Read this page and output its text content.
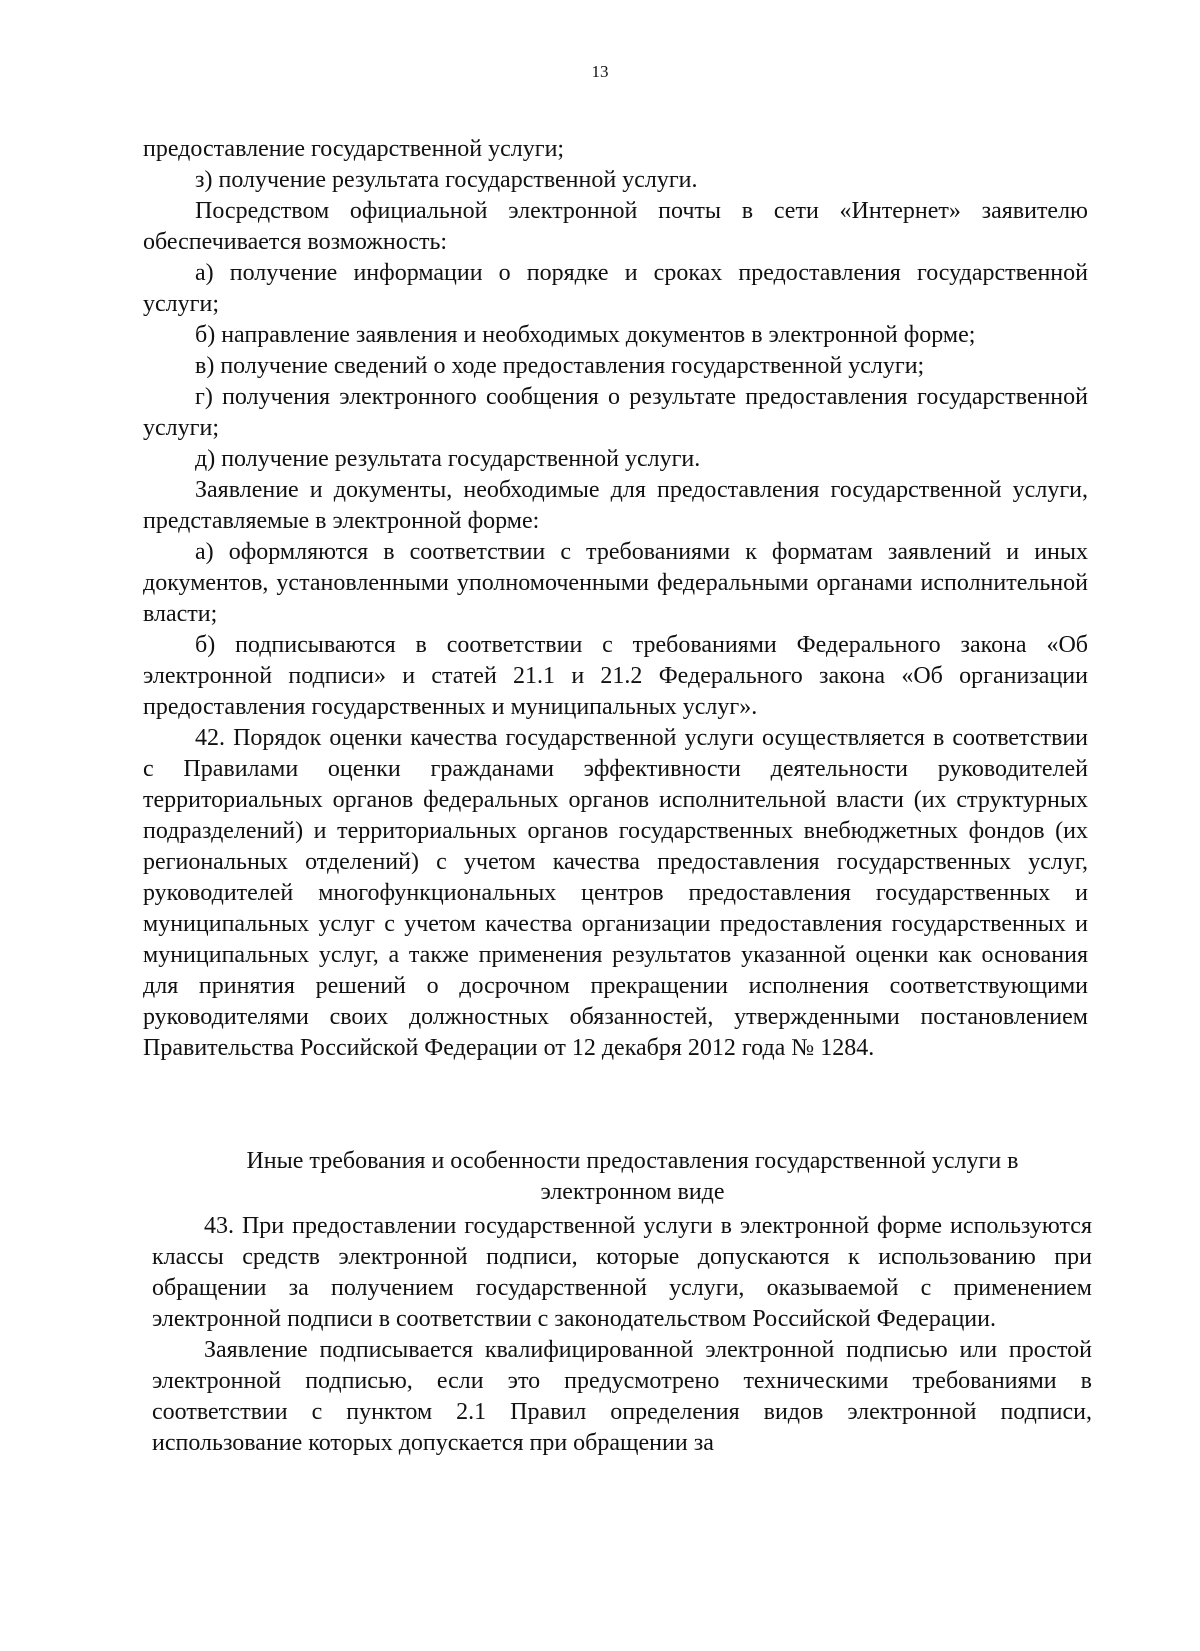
13

предоставление государственной услуги;

з) получение результата государственной услуги.

Посредством официальной электронной почты в сети «Интернет» заявителю обеспечивается возможность:

а) получение информации о порядке и сроках предоставления государственной услуги;

б) направление заявления и необходимых документов в электронной форме;

в) получение сведений о ходе предоставления государственной услуги;

г) получения электронного сообщения о результате предоставления государственной услуги;

д) получение результата государственной услуги.

Заявление и документы, необходимые для предоставления государственной услуги, представляемые в электронной форме:

а) оформляются в соответствии с требованиями к форматам заявлений и иных документов, установленными уполномоченными федеральными органами исполнительной власти;

б) подписываются в соответствии с требованиями Федерального закона «Об электронной подписи» и статей 21.1 и 21.2 Федерального закона «Об организации предоставления государственных и муниципальных услуг».

42. Порядок оценки качества государственной услуги осуществляется в соответствии с Правилами оценки гражданами эффективности деятельности руководителей территориальных органов федеральных органов исполнительной власти (их структурных подразделений) и территориальных органов государственных внебюджетных фондов (их региональных отделений) с учетом качества предоставления государственных услуг, руководителей многофункциональных центров предоставления государственных и муниципальных услуг с учетом качества организации предоставления государственных и муниципальных услуг, а также применения результатов указанной оценки как основания для принятия решений о досрочном прекращении исполнения соответствующими руководителями своих должностных обязанностей, утвержденными постановлением Правительства Российской Федерации от 12 декабря 2012 года № 1284.

Иные требования и особенности предоставления государственной услуги в
электронном виде

43. При предоставлении государственной услуги в электронной форме используются классы средств электронной подписи, которые допускаются к использованию при обращении за получением государственной услуги, оказываемой с применением электронной подписи в соответствии с законодательством Российской Федерации.

Заявление подписывается квалифицированной электронной подписью или простой электронной подписью, если это предусмотрено техническими требованиями в соответствии с пунктом 2.1 Правил определения видов электронной подписи, использование которых допускается при обращении за
